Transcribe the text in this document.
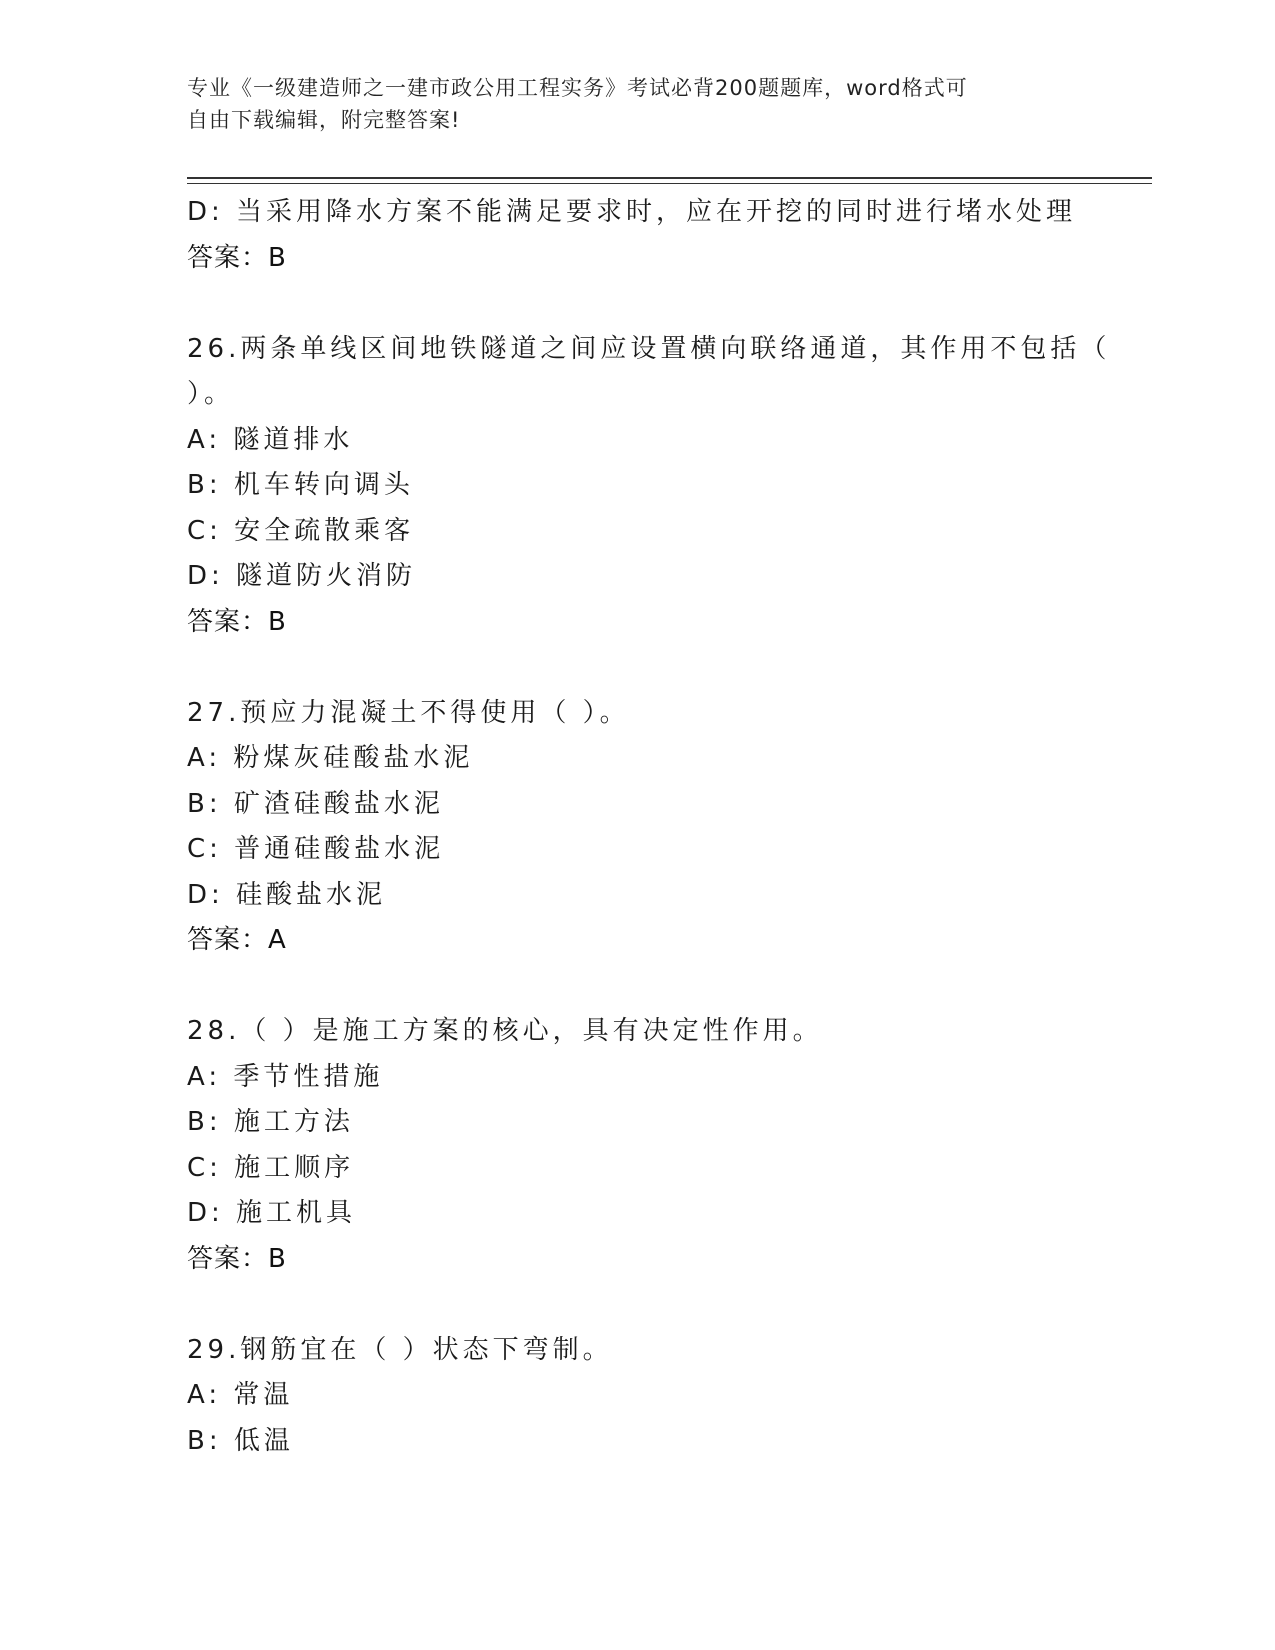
专业《一级建造师之一建市政公用工程实务》考试必背200题题库，word格式可
自由下载编辑，附完整答案!
D: 当采用降水方案不能满足要求时，应在开挖的同时进行堵水处理
答案：B
26.两条单线区间地铁隧道之间应设置横向联络通道，其作用不包括（
）。
A: 隧道排水
B: 机车转向调头
C: 安全疏散乘客
D: 隧道防火消防
答案：B
27.预应力混凝土不得使用（ ）。
A: 粉煤灰硅酸盐水泥
B: 矿渣硅酸盐水泥
C: 普通硅酸盐水泥
D: 硅酸盐水泥
答案：A
28.（ ）是施工方案的核心，具有决定性作用。
A: 季节性措施
B: 施工方法
C: 施工顺序
D: 施工机具
答案：B
29.钢筋宜在（ ）状态下弯制。
A: 常温
B: 低温
